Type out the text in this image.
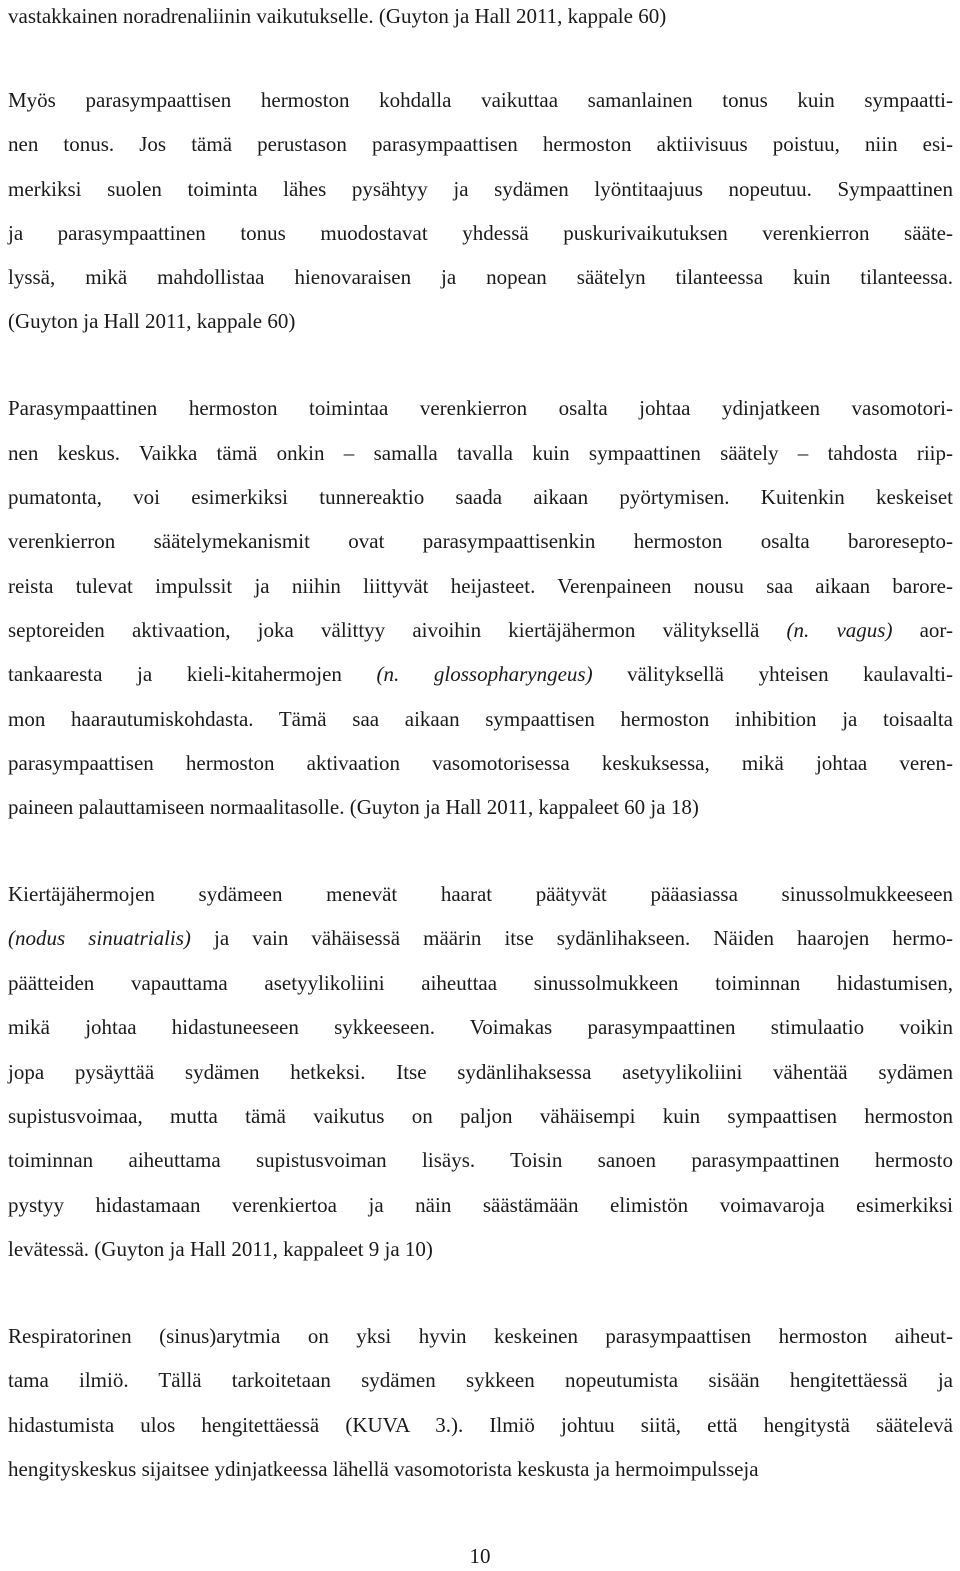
vastakkainen noradrenaliinin vaikutukselle. (Guyton ja Hall 2011, kappale 60)
Myös parasympaattisen hermoston kohdalla vaikuttaa samanlainen tonus kuin sympaatti-
nen tonus. Jos tämä perustason parasympaattisen hermoston aktiivisuus poistuu, niin esi-
merkiksi suolen toiminta lähes pysähtyy ja sydämen lyöntitaajuus nopeutuu. Sympaattinen
ja parasympaattinen tonus muodostavat yhdessä puskurivaikutuksen verenkierron sääte-
lyssä, mikä mahdollistaa hienovaraisen ja nopean säätelyn tilanteessa kuin tilanteessa.
(Guyton ja Hall 2011, kappale 60)
Parasympaattinen hermoston toimintaa verenkierron osalta johtaa ydinjatkeen vasomotori-
nen keskus. Vaikka tämä onkin – samalla tavalla kuin sympaattinen säätely – tahdosta riip-
pumatonta, voi esimerkiksi tunnereaktio saada aikaan pyörtymisen. Kuitenkin keskeiset
verenkierron säätelymekanismit ovat parasympaattisenkin hermoston osalta baroreseptо-
reista tulevat impulssit ja niihin liittyvät heijasteet. Verenpaineen nousu saa aikaan barore-
septoreiden aktivaation, joka välittyy aivoihin kiertäjähermon välityksellä (n. vagus) aor-
tankaaresta ja kieli-kitahermojen (n. glossopharyngeus) välityksellä yhteisen kaulavalti-
mon haarautumiskohdasta. Tämä saa aikaan sympaattisen hermoston inhibition ja toisaalta
parasympaattisen hermoston aktivaation vasomotorisessa keskuksessa, mikä johtaa veren-
paineen palauttamiseen normaalitasolle. (Guyton ja Hall 2011, kappaleet 60 ja 18)
Kiertäjähermojen sydämeen menevät haarat päätyvät pääasiassa sinussolmukkeeseen
(nodus sinuatrialis) ja vain vähäisessä määrin itse sydänlihakseen. Näiden haarojen hermo-
päätteiden vapauttama asetyylikoliini aiheuttaa sinussolmukkeen toiminnan hidastumisen,
mikä johtaa hidastuneeseen sykkeeseen. Voimakas parasympaattinen stimulaatio voikin
jopa pysäyttää sydämen hetkeksi. Itse sydänlihaksessa asetyylikoliini vähentää sydämen
supistusvoimaa, mutta tämä vaikutus on paljon vähäisempi kuin sympaattisen hermoston
toiminnan aiheuttama supistusvoiman lisäys. Toisin sanoen parasympaattinen hermosto
pystyy hidastamaan verenkiertoa ja näin säästämään elimistön voimavaroja esimerkiksi
levätessä. (Guyton ja Hall 2011, kappaleet 9 ja 10)
Respiratorinen (sinus)arytmia on yksi hyvin keskeinen parasympaattisen hermoston aiheut-
tama ilmiö. Tällä tarkoitetaan sydämen sykkeen nopeutumista sisään hengitettäessä ja
hidastumista ulos hengitettäessä (KUVA 3.). Ilmiö johtuu siitä, että hengitystä säätelevä
hengityskeskus sijaitsee ydinjatkeessa lähellä vasomotorista keskusta ja hermoimpulsseja
10
